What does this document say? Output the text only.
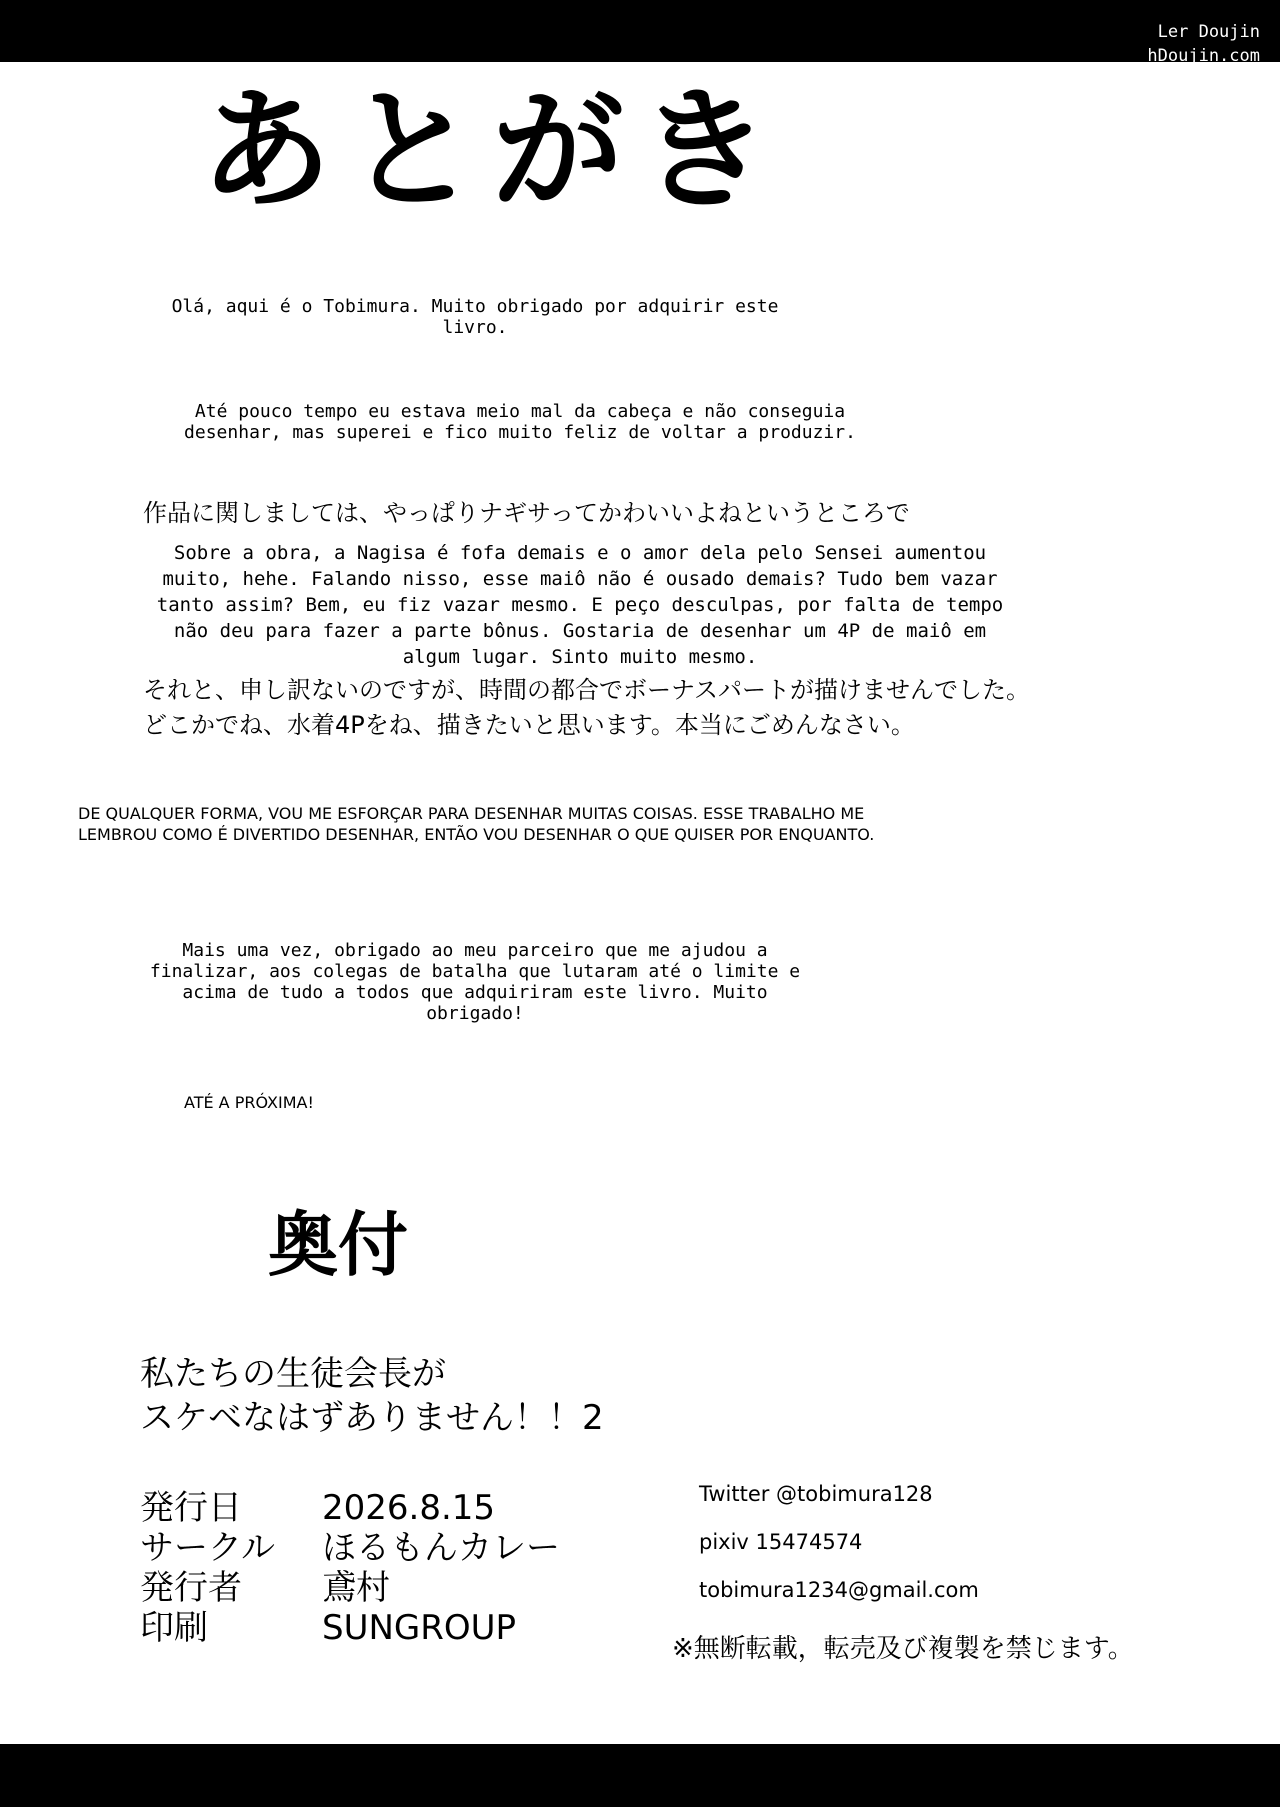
Ler Doujin
hDoujin.com
あとがき
Olá, aqui é o Tobimura. Muito obrigado por adquirir este livro.
Até pouco tempo eu estava meio mal da cabeça e não conseguia desenhar, mas superei e fico muito feliz de voltar a produzir.
作品に関しましては、やっぱりナギサってかわいいよねというところで
それと、申し訳ないのですが、時間の都合でボーナスパートが描けませんでした。
どこかでね、水着4Pをね、描きたいと思います。本当にごめんなさい。
Sobre a obra, a Nagisa é fofa demais e o amor dela pelo Sensei aumentou muito, hehe. Falando nisso, esse maiô não é ousado demais? Tudo bem vazar tanto assim? Bem, eu fiz vazar mesmo. E peço desculpas, por falta de tempo não deu para fazer a parte bônus. Gostaria de desenhar um 4P de maiô em algum lugar. Sinto muito mesmo.
DE QUALQUER FORMA, VOU ME ESFORÇAR PARA DESENHAR MUITAS COISAS. ESSE TRABALHO ME
LEMBROU COMO É DIVERTIDO DESENHAR, ENTÃO VOU DESENHAR O QUE QUISER POR ENQUANTO.
Mais uma vez, obrigado ao meu parceiro que me ajudou a finalizar, aos colegas de batalha que lutaram até o limite e acima de tudo a todos que adquiriram este livro. Muito obrigado!
ATÉ A PRÓXIMA!
奥付
私たちの生徒会長が
スケベなはずありません！！2
発行日	2026.8.15
サークル	ほるもんカレー
発行者	鳶村
印刷	SUNGROUP
Twitter @tobimura128
pixiv 15474574
tobimura1234@gmail.com
※無断転載，転売及び複製を禁じます。
